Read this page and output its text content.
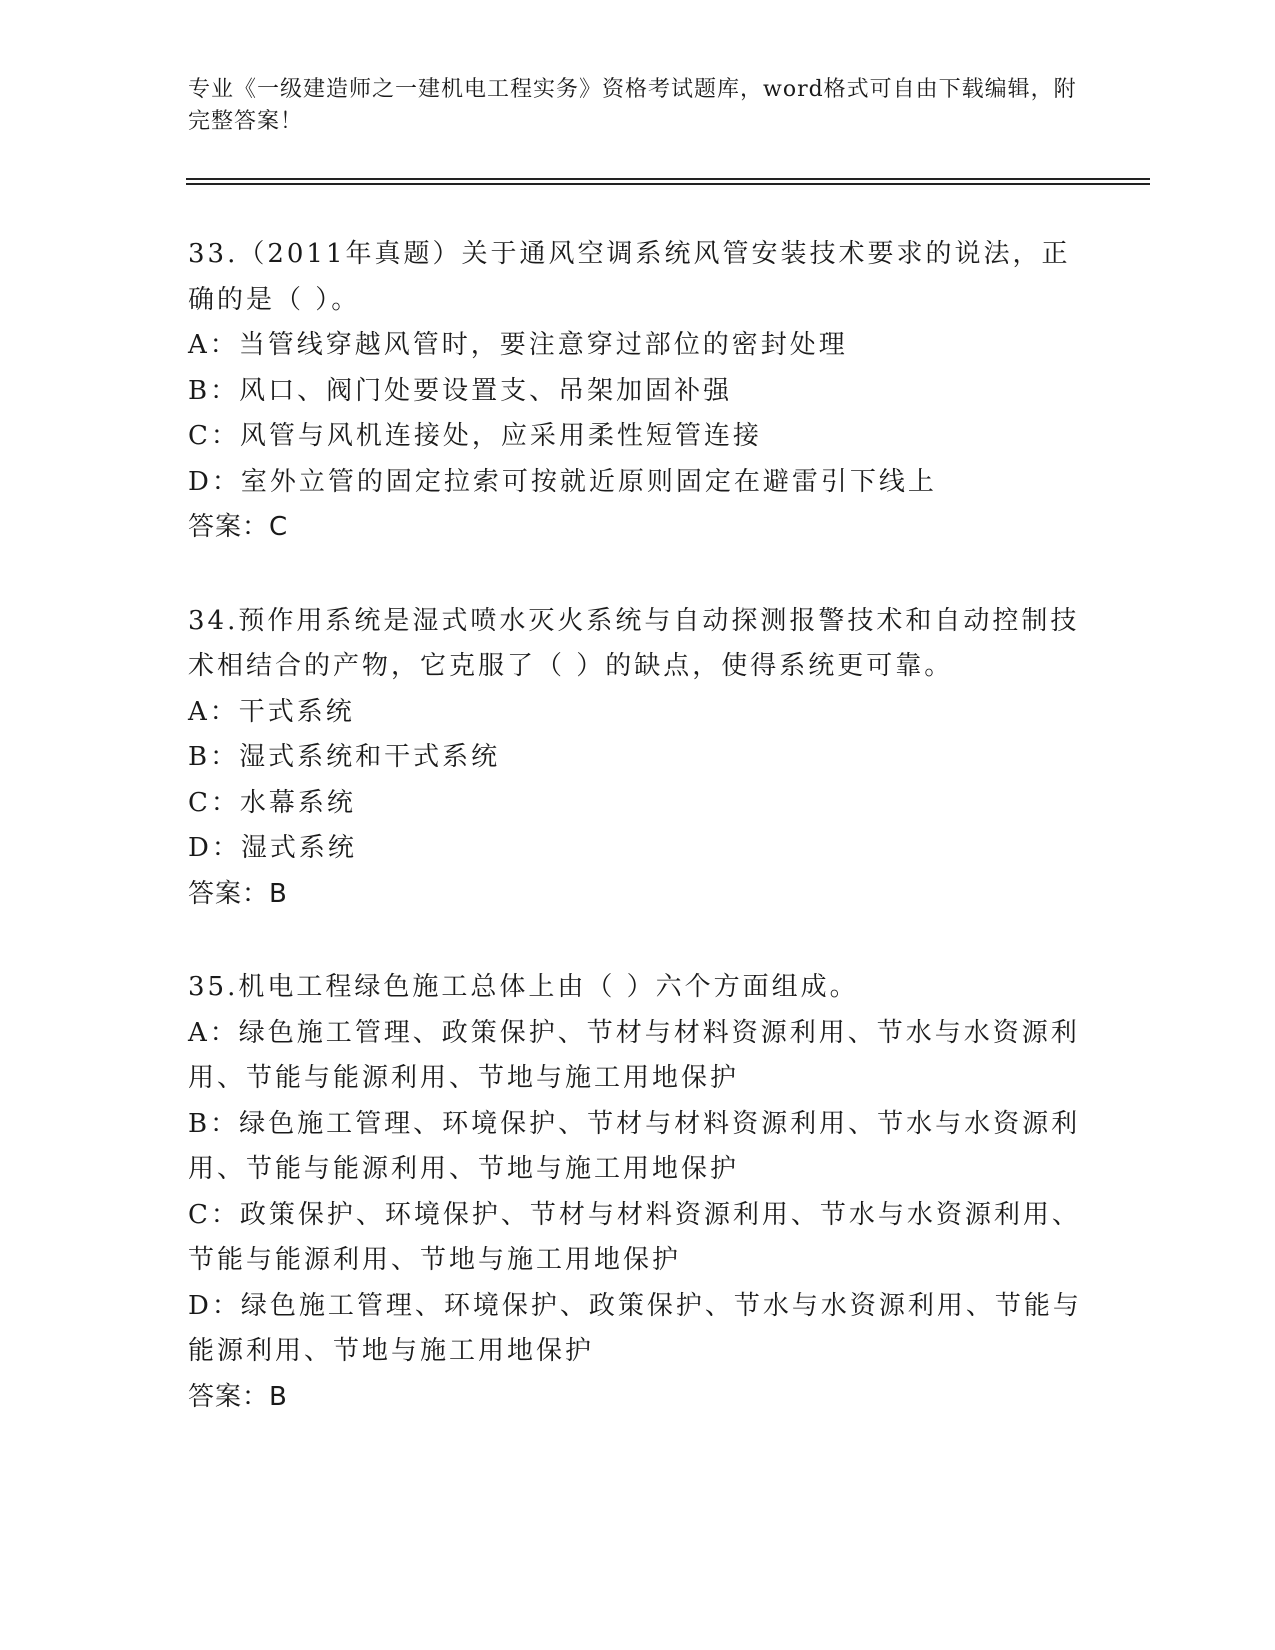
专业《一级建造师之一建机电工程实务》资格考试题库，word格式可自由下载编辑，附完整答案！
33.（2011年真题）关于通风空调系统风管安装技术要求的说法，正确的是（ ）。
A：当管线穿越风管时，要注意穿过部位的密封处理
B：风口、阀门处要设置支、吊架加固补强
C：风管与风机连接处，应采用柔性短管连接
D：室外立管的固定拉索可按就近原则固定在避雷引下线上
答案：C
34.预作用系统是湿式喷水灭火系统与自动探测报警技术和自动控制技术相结合的产物，它克服了（ ）的缺点，使得系统更可靠。
A：干式系统
B：湿式系统和干式系统
C：水幕系统
D：湿式系统
答案：B
35.机电工程绿色施工总体上由（ ）六个方面组成。
A：绿色施工管理、政策保护、节材与材料资源利用、节水与水资源利用、节能与能源利用、节地与施工用地保护
B：绿色施工管理、环境保护、节材与材料资源利用、节水与水资源利用、节能与能源利用、节地与施工用地保护
C：政策保护、环境保护、节材与材料资源利用、节水与水资源利用、节能与能源利用、节地与施工用地保护
D：绿色施工管理、环境保护、政策保护、节水与水资源利用、节能与能源利用、节地与施工用地保护
答案：B
